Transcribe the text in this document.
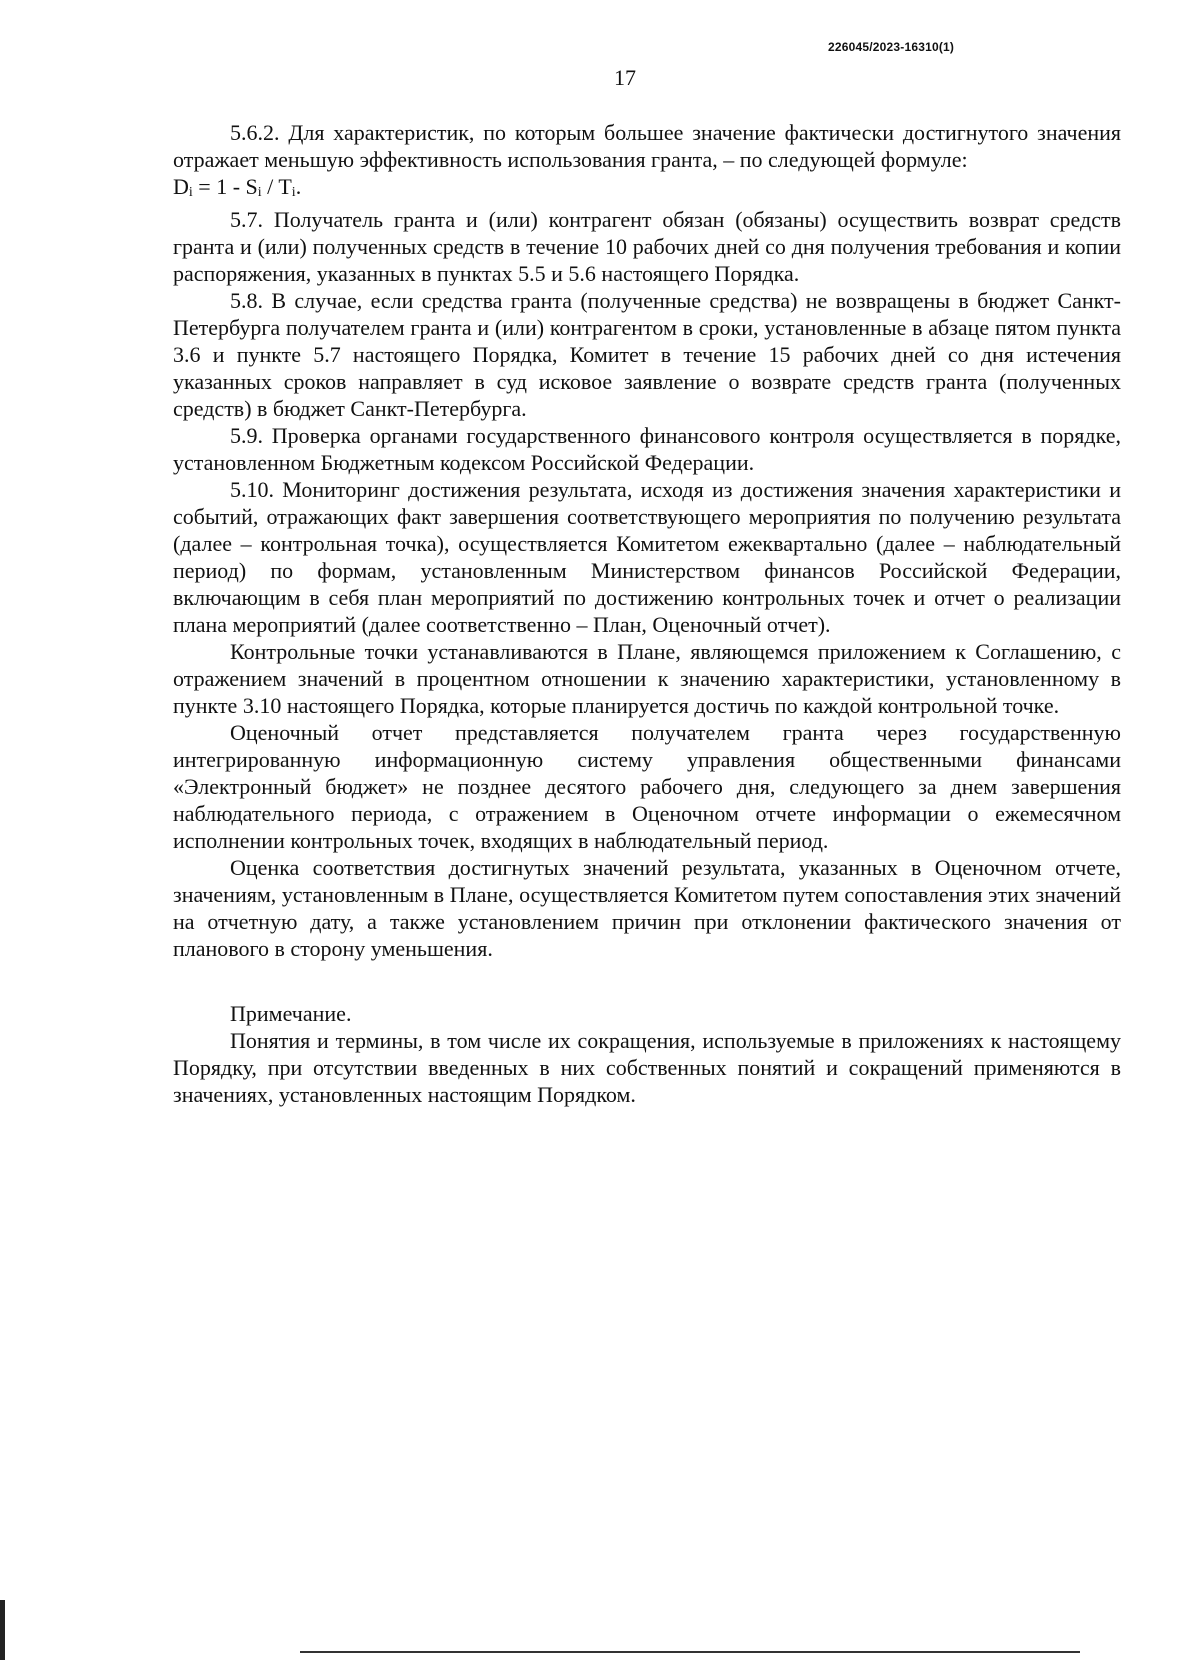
226045/2023-16310(1)
17

5.6.2. Для характеристик, по которым большее значение фактически достигнутого значения отражает меньшую эффективность использования гранта, – по следующей формуле:

$D_i = 1 - S_i / T_i$.

5.7. Получатель гранта и (или) контрагент обязан (обязаны) осуществить возврат средств гранта и (или) полученных средств в течение 10 рабочих дней со дня получения требования и копии распоряжения, указанных в пунктах 5.5 и 5.6 настоящего Порядка.

5.8. В случае, если средства гранта (полученные средства) не возвращены в бюджет Санкт-Петербурга получателем гранта и (или) контрагентом в сроки, установленные в абзаце пятом пункта 3.6 и пункте 5.7 настоящего Порядка, Комитет в течение 15 рабочих дней со дня истечения указанных сроков направляет в суд исковое заявление о возврате средств гранта (полученных средств) в бюджет Санкт-Петербурга.

5.9. Проверка органами государственного финансового контроля осуществляется в порядке, установленном Бюджетным кодексом Российской Федерации.

5.10. Мониторинг достижения результата, исходя из достижения значения характеристики и событий, отражающих факт завершения соответствующего мероприятия по получению результата (далее – контрольная точка), осуществляется Комитетом ежеквартально (далее – наблюдательный период) по формам, установленным Министерством финансов Российской Федерации, включающим в себя план мероприятий по достижению контрольных точек и отчет о реализации плана мероприятий (далее соответственно – План, Оценочный отчет).

Контрольные точки устанавливаются в Плане, являющемся приложением к Соглашению, с отражением значений в процентном отношении к значению характеристики, установленному в пункте 3.10 настоящего Порядка, которые планируется достичь по каждой контрольной точке.

Оценочный отчет представляется получателем гранта через государственную интегрированную информационную систему управления общественными финансами «Электронный бюджет» не позднее десятого рабочего дня, следующего за днем завершения наблюдательного периода, с отражением в Оценочном отчете информации о ежемесячном исполнении контрольных точек, входящих в наблюдательный период.

Оценка соответствия достигнутых значений результата, указанных в Оценочном отчете, значениям, установленным в Плане, осуществляется Комитетом путем сопоставления этих значений на отчетную дату, а также установлением причин при отклонении фактического значения от планового в сторону уменьшения.

Примечание.

Понятия и термины, в том числе их сокращения, используемые в приложениях к настоящему Порядку, при отсутствии введенных в них собственных понятий и сокращений применяются в значениях, установленных настоящим Порядком.
